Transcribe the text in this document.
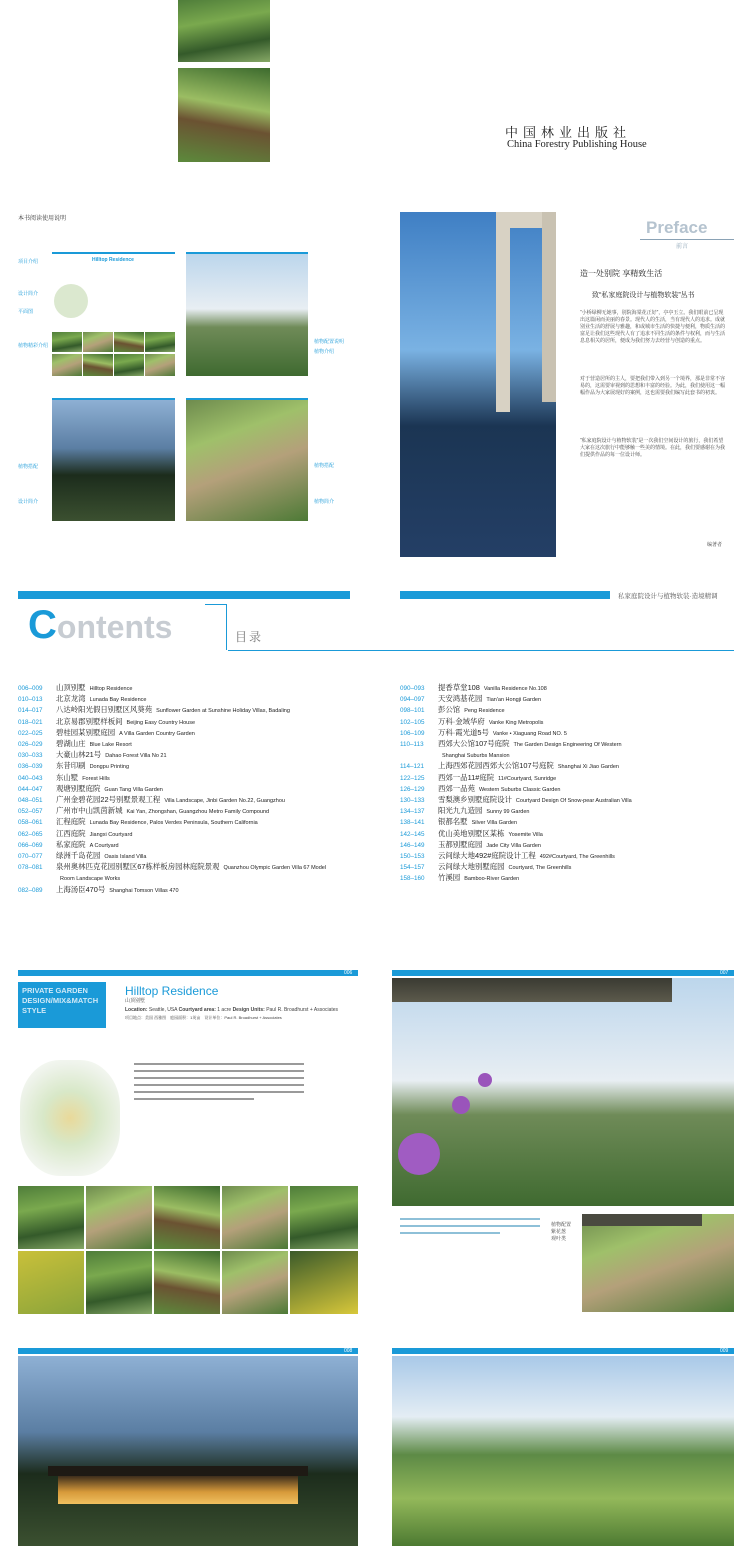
中国林业出版社
China Forestry Publishing House
本书阅读使用说明
Hilltop Residence
项目介绍
设计简介
平面图
植物精彩介绍
植物搭配
设计简介
植物配置说明
植物介绍
植物搭配
植物简介
Preface
前言
造一处别院 享精致生活
致“私家庭院设计与植物软装”丛书
“小桥绿柳无她事，别院海棠花正好”，亭亭玉立。我们眼前已呈现出这篇闲而美丽的春景。现代人的生活，当有现代人的追求。成就别业生活的舒展与雅趣，和或城市生活的快捷与便利，物质生活的富足让我们这些现代人有了追求不同生活的条件与权利，而与生活息息相关的居所，便成为我们努力去经营与创造的重点。
对于营造居所的主人，要把我们带入到另一个境界，那是非常不容易的，这需要审视到的思想和丰富的经验。为此，我们使用这一幅幅作品为大家展现好的案例，这也需要我们编写此套书的初衷。
“私家庭院设计与植物软装”是一次我们空间设计的旅行，我们希望大家在这次旅行中能够触一些美的情境。在此，我们要感谢在为我们提供作品的每一位设计师。
编著者
私家庭院设计与植物软装·造境精调
Contents	目录
006–009 山顶别墅 Hilltop Residence
010–013 北京龙湾 Lunada Bay Residence
014–017 八达岭阳光假日别墅区风葵苑 Sunflower Garden at Sunshine Holiday Villas, Badaling
018–021 北京易郡别墅样板间 Beijing Easy Country House
022–025 碧桂园某别墅庭园 A Villa Garden Country Garden
026–029 碧湖山庄 Blue Lake Resort
030–033 大豪山林21号 Dahao Forest Villa No 21
036–039 东昔印刷 Dongpu Printing
040–043 东山墅 Forest Hills
044–047 观塘别墅庭院 Guan Tang Villa Garden
048–051 广州金碧花园22号别墅景观工程 Villa Landscape, Jinbi Garden No.22, Guangzhou
052–057 广州市中山凯茵新城 Kai Yan, Zhongshan, Guangzhou Metro Family Compound
058–061 汇程庭院 Lunada Bay Residence, Palos Verdes Peninsula, Southern California
062–065 江西庭院 Jiangxi Courtyard
066–069 私家庭院 A Courtyard
070–077 绿洲千岛花园 Oasis Island Villa
078–081 泉州奥林匹克花园别墅区67栋样板房园林庭院景观 Quanzhou Olympic Garden Villa 67 Model
Room Landscape Works
082–089 上海汤臣470号 Shanghai Tomson Villas 470
090–093 提香草堂108 Vanilla Residence No.108
094–097 天安鸿基花园 Tian'an Hongji Garden
098–101 彭公馆 Peng Residence
102–105 万科·金域华府 Vanke King Metropolis
106–109 万科·霞光道5号 Vanke • Xiaguang Road NO. 5
110–113 西郊大公馆107号庭院 The Garden Design Engineering Of Western
Shanghai Suburbs Mansion
114–121 上海西郊花园西郊大公馆107号庭院 Shanghai Xi Jiao Garden
122–125 西郊一品11#庭院 11#Courtyard, Sunridge
126–129 西郊一品苑 Western Suburbs Classic Garden
130–133 雪梨澳乡别墅庭院设计 Courtyard Design Of Snow-pear Australian Villa
134–137 阳光九九造园 Sunny 99 Garden
138–141 银都名墅 Silver Villa Garden
142–145 优山美地别墅区某栋 Yosemite Villa
146–149 玉都别墅庭园 Jade City Villa Garden
150–153 云间绿大地492#庭院设计工程 492#Courtyard, The Greenhills
154–157 云间绿大地别墅庭园 Courtyard, The Greenhills
158–160 竹溪园 Bamboo-River Garden
006	007
PRIVATE GARDEN
DESIGN/MIX&MATCH
STYLE
Hilltop Residence
山顶别墅
Location: Seattle, USA Courtyard area: 1 acre Design Units: Paul R. Broadhurst + Associates
项目地点：美国 西雅图　庭园面积：1英亩　设计单位：Paul R. Broadhurst + Associates
植物配置
紫花葱
观叶类
008	009
